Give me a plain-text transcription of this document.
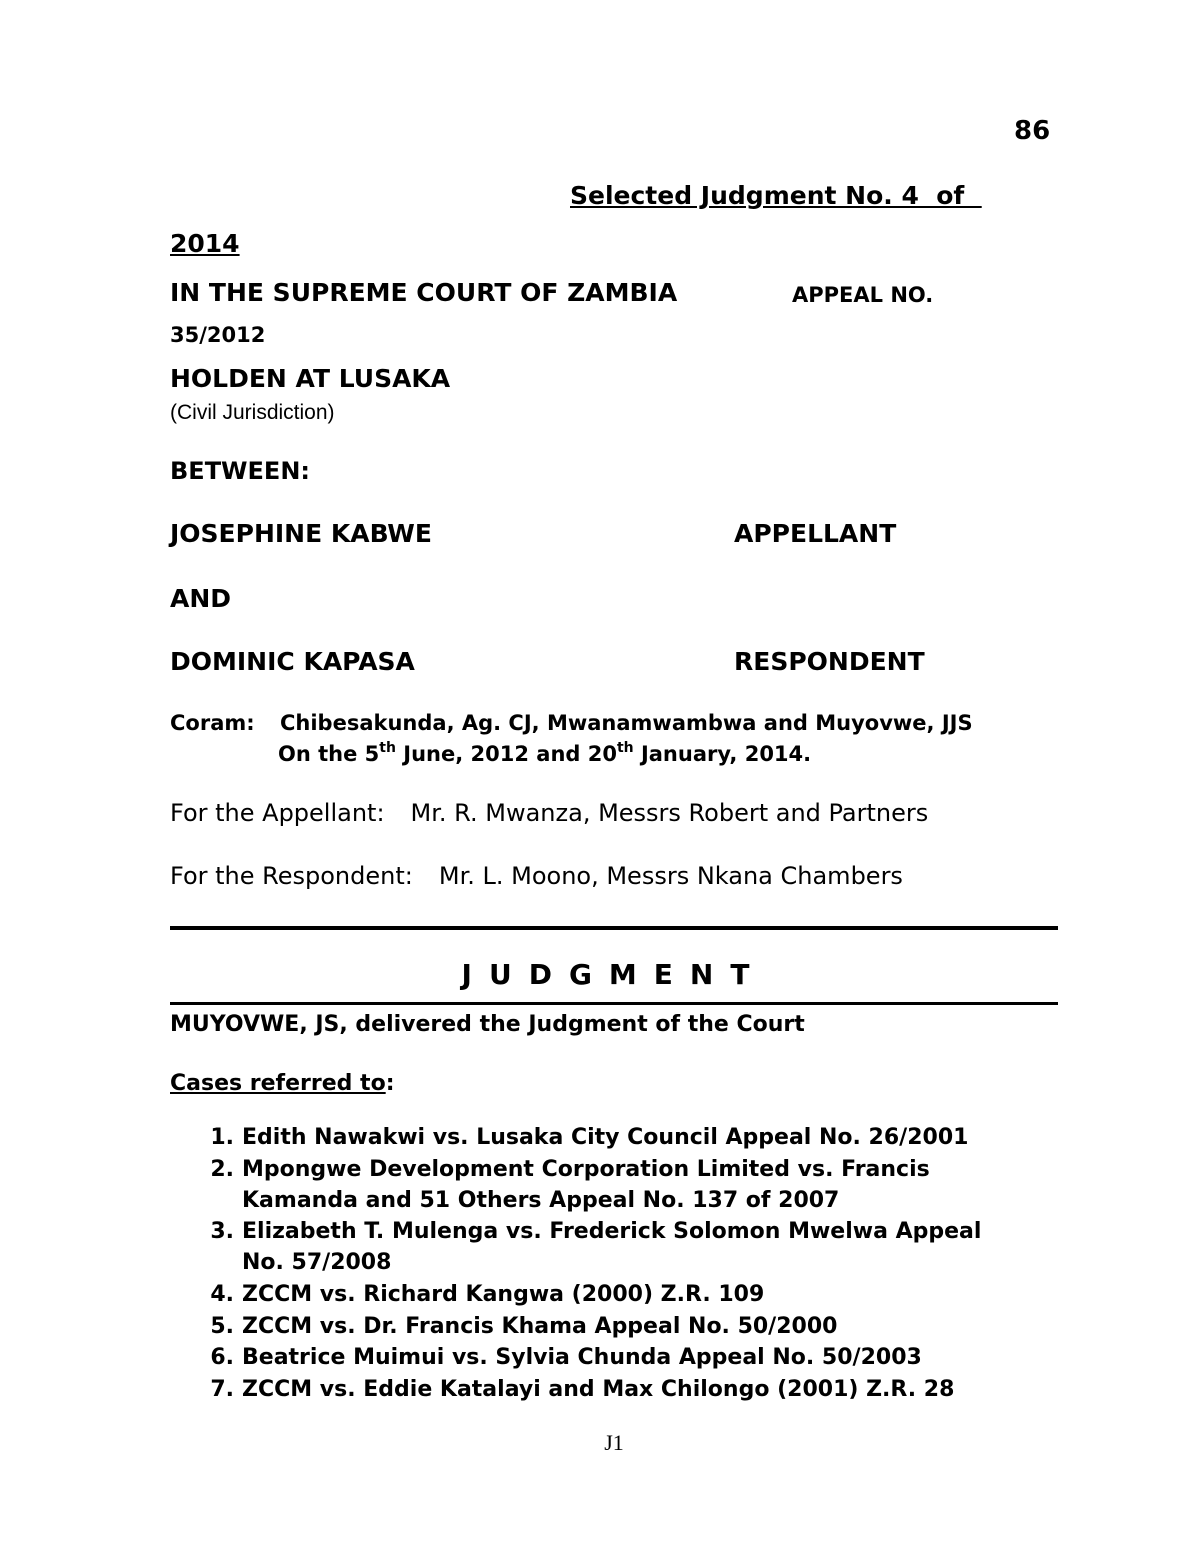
86
Selected Judgment No. 4  of
2014
IN THE SUPREME COURT OF ZAMBIA	APPEAL NO.
35/2012
HOLDEN AT LUSAKA
(Civil Jurisdiction)
BETWEEN:
JOSEPHINE KABWE	APPELLANT
AND
DOMINIC KAPASA	RESPONDENT
Coram: Chibesakunda, Ag. CJ, Mwanamwambwa and Muyovwe, JJS
On the 5th June, 2012 and 20th January, 2014.
For the Appellant: Mr. R. Mwanza, Messrs Robert and Partners
For the Respondent: Mr. L. Moono, Messrs Nkana Chambers
JUDGMENT
MUYOVWE, JS, delivered the Judgment of the Court
Cases referred to:
1. Edith Nawakwi vs. Lusaka City Council Appeal No. 26/2001
2. Mpongwe Development Corporation Limited vs. Francis
Kamanda and 51 Others Appeal No. 137 of 2007
3. Elizabeth T. Mulenga vs. Frederick Solomon Mwelwa Appeal
No. 57/2008
4. ZCCM vs. Richard Kangwa (2000) Z.R. 109
5. ZCCM vs. Dr. Francis Khama Appeal No. 50/2000
6. Beatrice Muimui vs. Sylvia Chunda Appeal No. 50/2003
7. ZCCM vs. Eddie Katalayi and Max Chilongo (2001) Z.R. 28
J1
